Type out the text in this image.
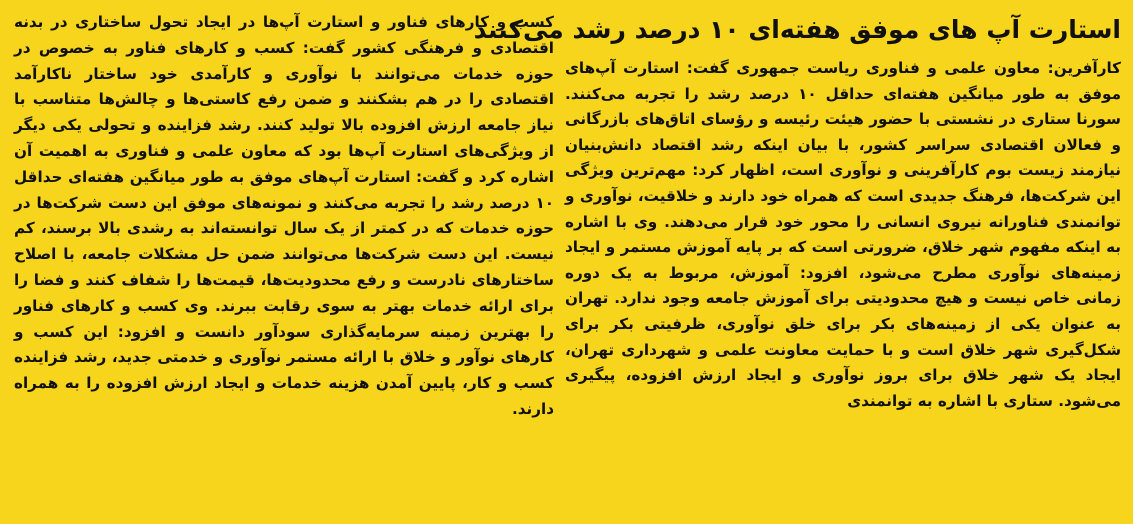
استارت آپ های موفق هفته‌ای ۱۰ درصد رشد می‌کنند

کارآفرین: معاون علمی و فناوری ریاست جمهوری گفت: استارت آپ‌های موفق به طور میانگین هفته‌ای حداقل ۱۰ درصد رشد را تجربه می‌کنند. سورنا ستاری در نشستی با حضور هیئت رئیسه و رؤسای اتاق‌های بازرگانی و فعالان اقتصادی سراسر کشور، با بیان اینکه رشد اقتصاد دانش‌بنیان نیازمند زیست بوم کارآفرینی و نوآوری است، اظهار کرد: مهم‌ترین ویژگی این شرکت‌ها، فرهنگ جدیدی است که همراه خود دارند و خلاقیت، نوآوری و توانمندی فناورانه نیروی انسانی را محور خود قرار می‌دهند. وی با اشاره به اینکه مفهوم شهر خلاق، ضرورتی است که بر پایه آموزش مستمر و ایجاد زمینه‌های نوآوری مطرح می‌شود، افزود: آموزش، مربوط به یک دوره زمانی خاص نیست و هیچ محدودیتی برای آموزش جامعه وجود ندارد. تهران به عنوان یکی از زمینه‌های بکر برای خلق نوآوری، ظرفیتی بکر برای شکل‌گیری شهر خلاق است و با حمایت معاونت علمی و شهرداری تهران، ایجاد یک شهر خلاق برای بروز نوآوری و ایجاد ارزش افزوده، پیگیری می‌شود. ستاری با اشاره به توانمندی

کسب و کارهای فناور و استارت آپ‌ها در ایجاد تحول ساختاری در بدنه اقتصادی و فرهنگی کشور گفت: کسب و کارهای فناور به خصوص در حوزه خدمات می‌توانند با نوآوری و کارآمدی خود ساختار ناکارآمد اقتصادی را در هم بشکنند و ضمن رفع کاستی‌ها و چالش‌ها متناسب با نیاز جامعه ارزش افزوده بالا تولید کنند. رشد فزاینده و تحولی یکی دیگر از ویژگی‌های استارت آپ‌ها بود که معاون علمی و فناوری به اهمیت آن اشاره کرد و گفت: استارت آپ‌های موفق به طور میانگین هفته‌ای حداقل ۱۰ درصد رشد را تجربه می‌کنند و نمونه‌های موفق این دست شرکت‌ها در حوزه خدمات که در کمتر از یک سال توانسته‌اند به رشدی بالا برسند، کم نیست. این دست شرکت‌ها می‌توانند ضمن حل مشکلات جامعه، با اصلاح ساختارهای نادرست و رفع محدودیت‌ها، قیمت‌ها را شفاف کنند و فضا را برای ارائه خدمات بهتر به سوی رقابت ببرند. وی کسب و کارهای فناور را بهترین زمینه سرمایه‌گذاری سودآور دانست و افزود: این کسب و کارهای نوآور و خلاق با ارائه مستمر نوآوری و خدمتی جدید، رشد فزاینده کسب و کار، پایین آمدن هزینه خدمات و ایجاد ارزش افزوده را به همراه دارند.
